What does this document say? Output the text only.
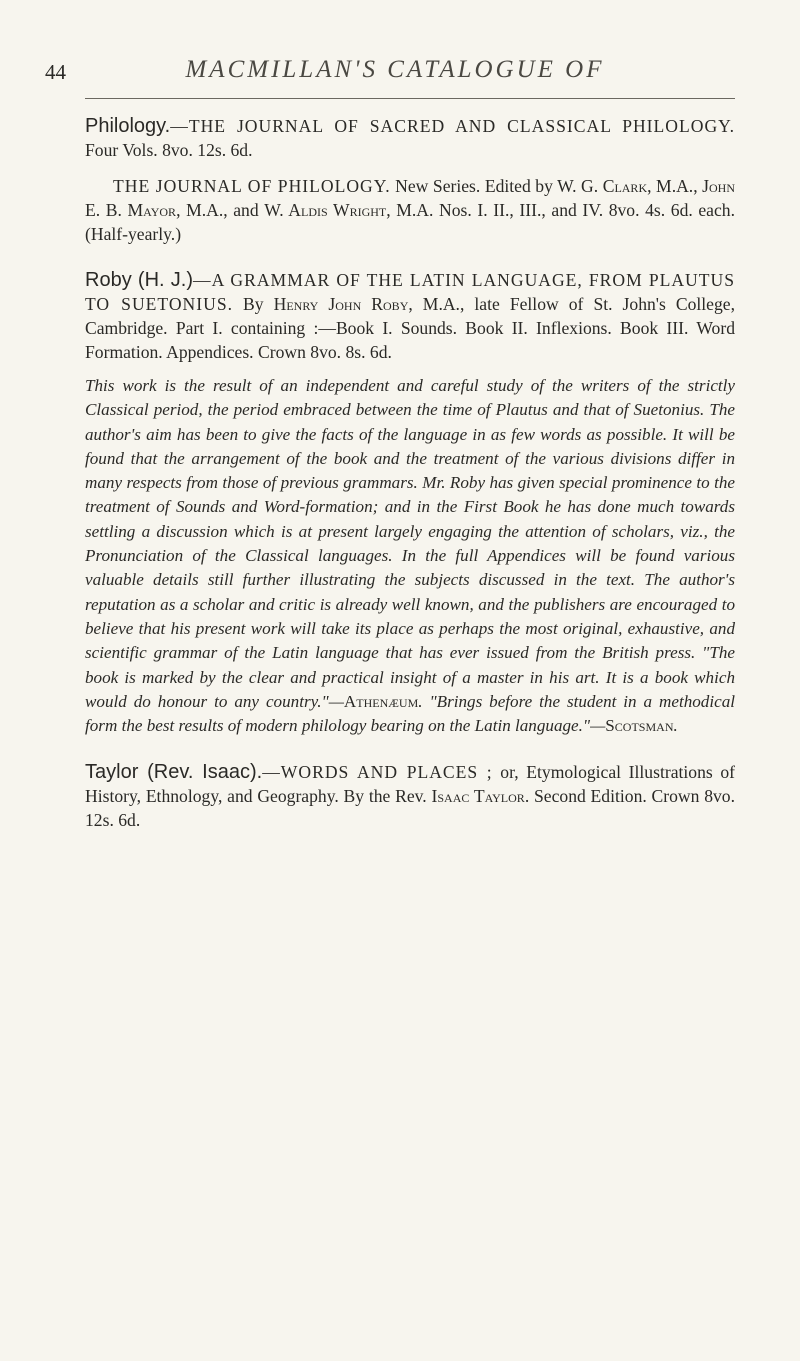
44	MACMILLAN'S CATALOGUE OF

Philology.—THE JOURNAL OF SACRED AND CLASSICAL PHILOLOGY. Four Vols. 8vo. 12s. 6d.

THE JOURNAL OF PHILOLOGY. New Series. Edited by W. G. Clark, M.A., John E. B. Mayor, M.A., and W. Aldis Wright, M.A. Nos. I. II., III., and IV. 8vo. 4s. 6d. each. (Half-yearly.)

Roby (H. J.)—A GRAMMAR OF THE LATIN LANGUAGE, FROM PLAUTUS TO SUETONIUS. By Henry John Roby, M.A., late Fellow of St. John's College, Cambridge. Part I. containing :—Book I. Sounds. Book II. Inflexions. Book III. Word Formation. Appendices. Crown 8vo. 8s. 6d.

This work is the result of an independent and careful study of the writers of the strictly Classical period, the period embraced between the time of Plautus and that of Suetonius. The author's aim has been to give the facts of the language in as few words as possible. It will be found that the arrangement of the book and the treatment of the various divisions differ in many respects from those of previous grammars. Mr. Roby has given special prominence to the treatment of Sounds and Word-formation; and in the First Book he has done much towards settling a discussion which is at present largely engaging the attention of scholars, viz., the Pronunciation of the Classical languages. In the full Appendices will be found various valuable details still further illustrating the subjects discussed in the text. The author's reputation as a scholar and critic is already well known, and the publishers are encouraged to believe that his present work will take its place as perhaps the most original, exhaustive, and scientific grammar of the Latin language that has ever issued from the British press. "The book is marked by the clear and practical insight of a master in his art. It is a book which would do honour to any country."—Athenæum. "Brings before the student in a methodical form the best results of modern philology bearing on the Latin language."—Scotsman.

Taylor (Rev. Isaac).—WORDS AND PLACES ; or, Etymological Illustrations of History, Ethnology, and Geography. By the Rev. Isaac Taylor. Second Edition. Crown 8vo. 12s. 6d.
